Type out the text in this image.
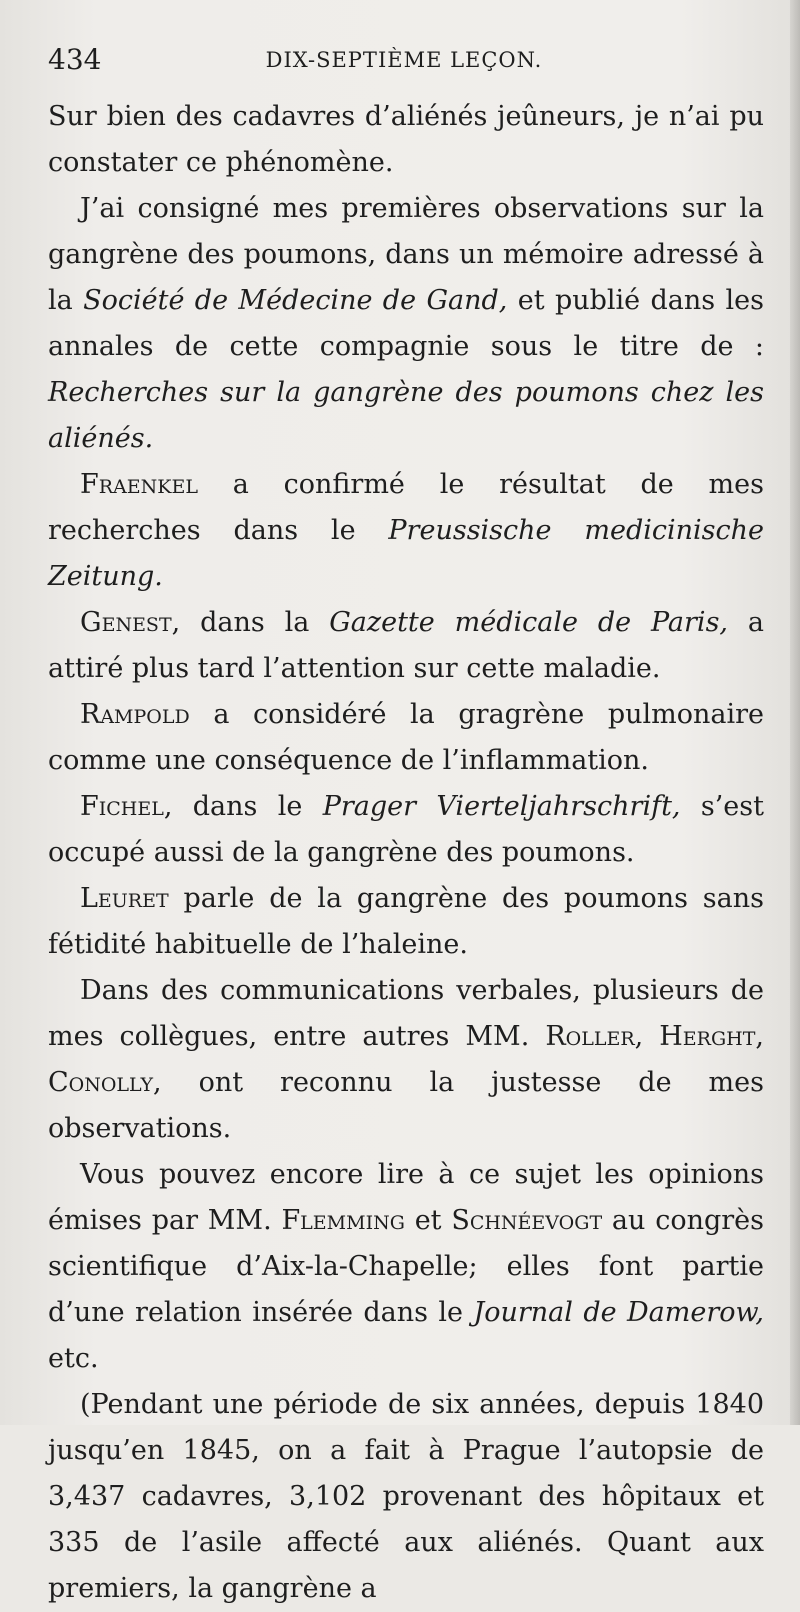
434	DIX-SEPTIÈME LEÇON.

Sur bien des cadavres d’aliénés jeûneurs, je n’ai pu constater ce phénomène.

J’ai consigné mes premières observations sur la gangrène des poumons, dans un mémoire adressé à la Société de Médecine de Gand, et publié dans les annales de cette compagnie sous le titre de : Recherches sur la gangrène des poumons chez les aliénés.

Fraenkel a confirmé le résultat de mes recherches dans le Preussische medicinische Zeitung.

Genest, dans la Gazette médicale de Paris, a attiré plus tard l’attention sur cette maladie.

Rampold a considéré la gragrène pulmonaire comme une conséquence de l’inflammation.

Fichel, dans le Prager Vierteljahrschrift, s’est occupé aussi de la gangrène des poumons.

Leuret parle de la gangrène des poumons sans fétidité habituelle de l’haleine.

Dans des communications verbales, plusieurs de mes collègues, entre autres MM. Roller, Herght, Conolly, ont reconnu la justesse de mes observations.

Vous pouvez encore lire à ce sujet les opinions émises par MM. Flemming et Schnéevogt au congrès scientifique d’Aix-la-Chapelle; elles font partie d’une relation insérée dans le Journal de Damerow, etc.

(Pendant une période de six années, depuis 1840 jusqu’en 1845, on a fait à Prague l’autopsie de 3,437 cadavres, 3,102 provenant des hôpitaux et 335 de l’asile affecté aux aliénés. Quant aux premiers, la gangrène a
